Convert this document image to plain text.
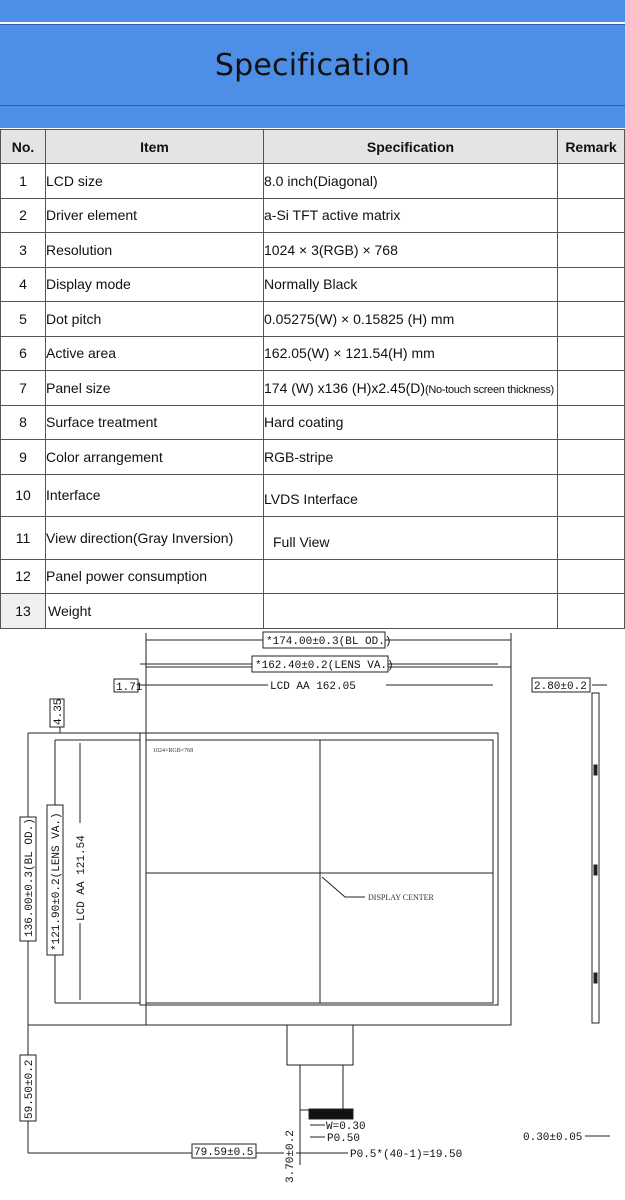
Specification
No.	Item	Specification	Remark
1	LCD size	8.0 inch(Diagonal)	
2	Driver element	a-Si TFT active matrix	
3	Resolution	1024 × 3(RGB) × 768	
4	Display mode	Normally Black	
5	Dot pitch	0.05275(W) × 0.15825 (H) mm	
6	Active area	162.05(W) × 121.54(H) mm	
7	Panel size	174 (W) x136 (H)x2.45(D)(No-touch screen thickness)	
8	Surface treatment	Hard coating	
9	Color arrangement	RGB-stripe	
10	Interface	LVDS Interface	
11	View direction(Gray Inversion)	Full View	
12	Panel power consumption		
13	Weight		
*174.00±0.3(BL OD.)
*162.40±0.2(LENS VA.)
LCD AA 162.05
1.71
4.35
136.00±0.3(BL OD.) *121.90±0.2(LENS VA.) LCD AA 121.54
1024×RGB×768
DISPLAY CENTER
2.80±0.2
59.50±0.2
79.59±0.5
W=0.30
P0.50
P0.5*(40-1)=19.50
3.70±0.2	0.30±0.05
